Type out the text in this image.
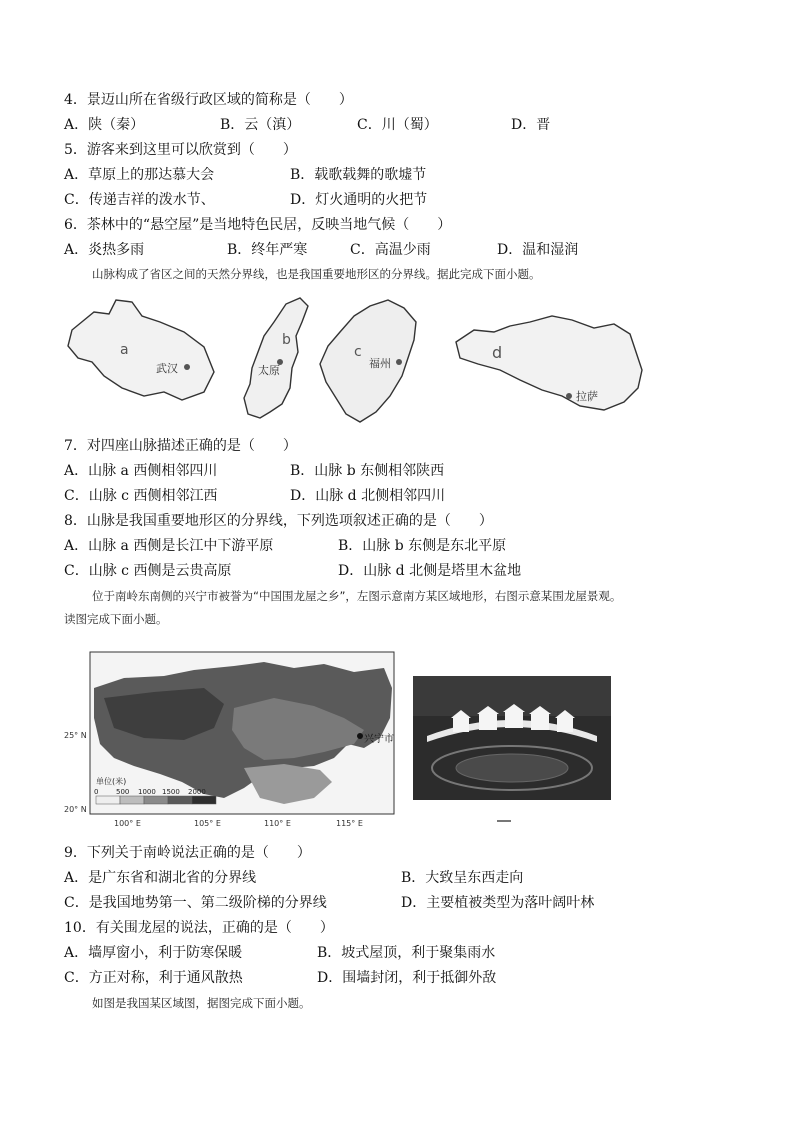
4．景迈山所在省级行政区域的简称是（　　）
A．陕（秦）	B．云（滇）	C．川（蜀）	D．晋
5．游客来到这里可以欣赏到（　　）
A．草原上的那达慕大会	B．载歌载舞的歌墟节
C．传递吉祥的泼水节、	D．灯火通明的火把节
6．茶林中的“悬空屋”是当地特色民居，反映当地气候（　　）
A．炎热多雨	B．终年严寒	C．高温少雨	D．温和湿润
山脉构成了省区之间的天然分界线，也是我国重要地形区的分界线。据此完成下面小题。
a
武汉
b
太原
c
福州
d
拉萨
7．对四座山脉描述正确的是（　　）
A．山脉 a 西侧相邻四川	B．山脉 b 东侧相邻陕西
C．山脉 c 西侧相邻江西	D．山脉 d 北侧相邻四川
8．山脉是我国重要地形区的分界线，下列选项叙述正确的是（　　）
A．山脉 a 西侧是长江中下游平原	B．山脉 b 东侧是东北平原
C．山脉 c 西侧是云贵高原	D．山脉 d 北侧是塔里木盆地
位于南岭东南侧的兴宁市被誉为“中国围龙屋之乡”，左图示意南方某区域地形，右图示意某围龙屋景观。
读图完成下面小题。
兴宁市
25° N
20° N
100° E	105° E	110° E	115° E
单位(米)
0	500 1000 1500 2000
9．下列关于南岭说法正确的是（　　）
A．是广东省和湖北省的分界线	B．大致呈东西走向
C．是我国地势第一、第二级阶梯的分界线	D．主要植被类型为落叶阔叶林
10．有关围龙屋的说法，正确的是（　　）
A．墙厚窗小，利于防寒保暖	B．坡式屋顶，利于聚集雨水
C．方正对称，利于通风散热	D．围墙封闭，利于抵御外敌
如图是我国某区域图，据图完成下面小题。
